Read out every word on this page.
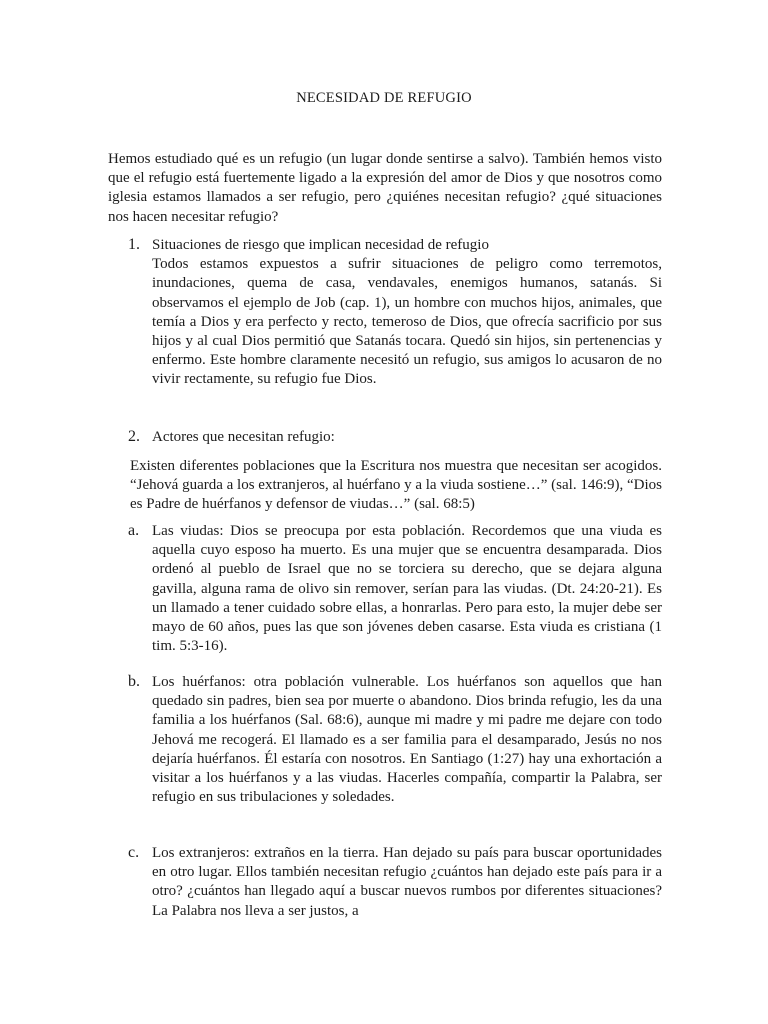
NECESIDAD DE REFUGIO

Hemos estudiado qué es un refugio (un lugar donde sentirse a salvo). También hemos visto que el refugio está fuertemente ligado a la expresión del amor de Dios y que nosotros como iglesia estamos llamados a ser refugio, pero ¿quiénes necesitan refugio? ¿qué situaciones nos hacen necesitar refugio?

1. Situaciones de riesgo que implican necesidad de refugio

Todos estamos expuestos a sufrir situaciones de peligro como terremotos, inundaciones, quema de casa, vendavales, enemigos humanos, satanás. Si observamos el ejemplo de Job (cap. 1), un hombre con muchos hijos, animales, que temía a Dios y era perfecto y recto, temeroso de Dios, que ofrecía sacrificio por sus hijos y al cual Dios permitió que Satanás tocara. Quedó sin hijos, sin pertenencias y enfermo. Este hombre claramente necesitó un refugio, sus amigos lo acusaron de no vivir rectamente, su refugio fue Dios.

2. Actores que necesitan refugio:

Existen diferentes poblaciones que la Escritura nos muestra que necesitan ser acogidos. “Jehová guarda a los extranjeros, al huérfano y a la viuda sostiene…” (sal. 146:9), “Dios es Padre de huérfanos y defensor de viudas…” (sal. 68:5)

a. Las viudas: Dios se preocupa por esta población. Recordemos que una viuda es aquella cuyo esposo ha muerto. Es una mujer que se encuentra desamparada. Dios ordenó al pueblo de Israel que no se torciera su derecho, que se dejara alguna gavilla, alguna rama de olivo sin remover, serían para las viudas. (Dt. 24:20-21). Es un llamado a tener cuidado sobre ellas, a honrarlas. Pero para esto, la mujer debe ser mayo de 60 años, pues las que son jóvenes deben casarse. Esta viuda es cristiana (1 tim. 5:3-16).

b. Los huérfanos: otra población vulnerable. Los huérfanos son aquellos que han quedado sin padres, bien sea por muerte o abandono. Dios brinda refugio, les da una familia a los huérfanos (Sal. 68:6), aunque mi madre y mi padre me dejare con todo Jehová me recogerá. El llamado es a ser familia para el desamparado, Jesús no nos dejaría huérfanos. Él estaría con nosotros. En Santiago (1:27) hay una exhortación a visitar a los huérfanos y a las viudas. Hacerles compañía, compartir la Palabra, ser refugio en sus tribulaciones y soledades.

c. Los extranjeros: extraños en la tierra. Han dejado su país para buscar oportunidades en otro lugar. Ellos también necesitan refugio ¿cuántos han dejado este país para ir a otro? ¿cuántos han llegado aquí a buscar nuevos rumbos por diferentes situaciones? La Palabra nos lleva a ser justos, a
